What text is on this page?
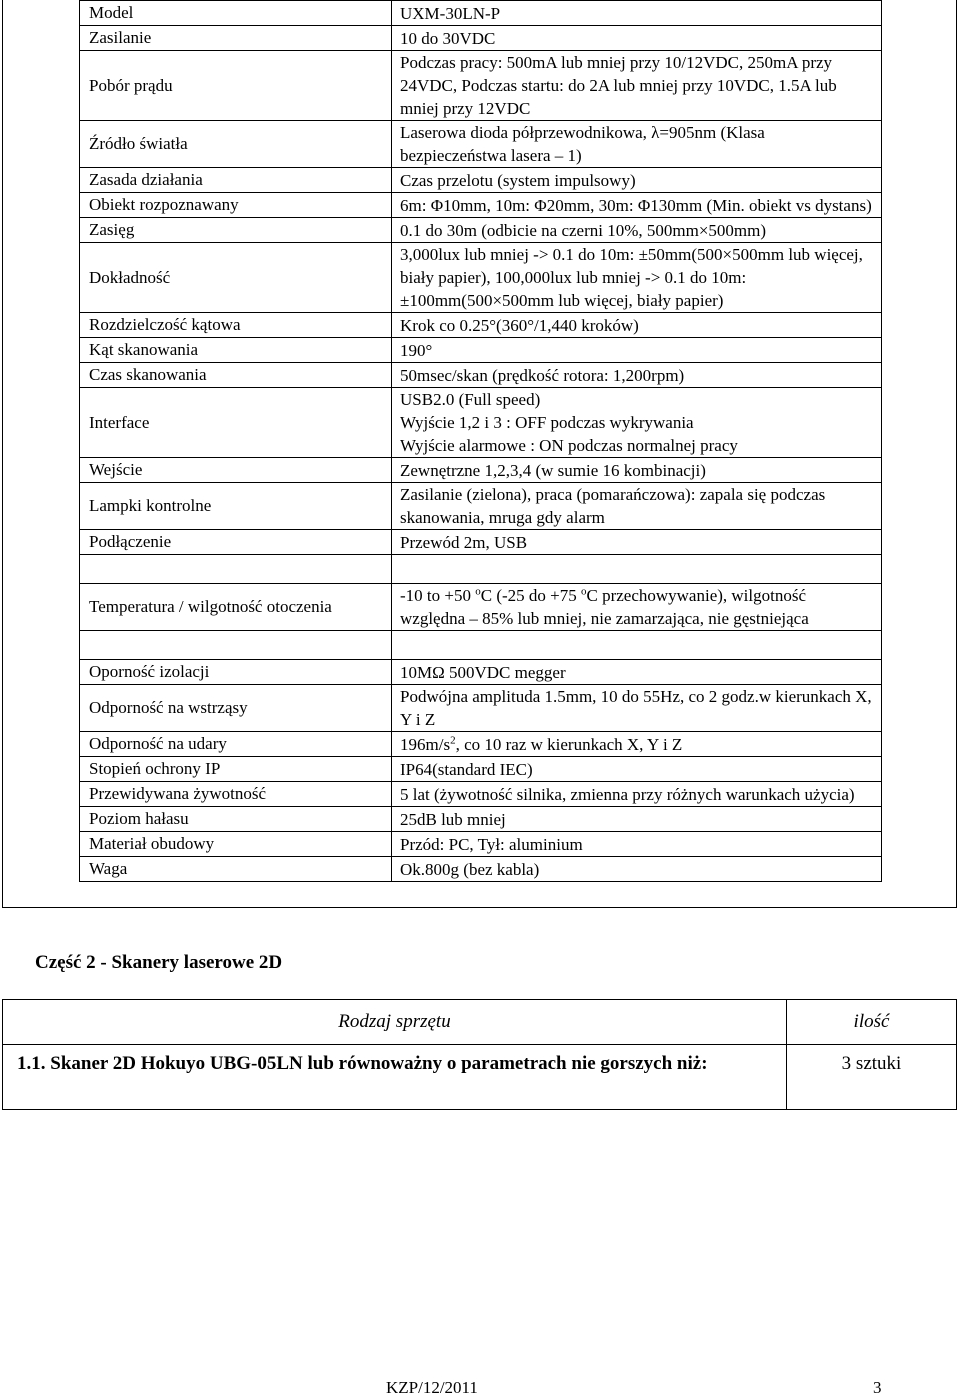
Model	UXM-30LN-P
Zasilanie	10 do 30VDC
Pobór prądu	Podczas pracy: 500mA lub mniej przy 10/12VDC, 250mA przy 24VDC, Podczas startu: do 2A lub mniej przy 10VDC, 1.5A lub mniej przy 12VDC
Źródło światła	Laserowa dioda półprzewodnikowa, λ=905nm (Klasa bezpieczeństwa lasera – 1)
Zasada działania	Czas przelotu (system impulsowy)
Obiekt rozpoznawany	6m: Φ10mm, 10m: Φ20mm, 30m: Φ130mm (Min. obiekt vs dystans)
Zasięg	0.1 do 30m (odbicie na czerni 10%, 500mm×500mm)
Dokładność	3,000lux lub mniej -> 0.1 do 10m: ±50mm(500×500mm lub więcej, biały papier), 100,000lux lub mniej -> 0.1 do 10m: ±100mm(500×500mm lub więcej, biały papier)
Rozdzielczość kątowa	Krok co 0.25°(360°/1,440 kroków)
Kąt skanowania	190°
Czas skanowania	50msec/skan (prędkość rotora: 1,200rpm)
Interface	USB2.0 (Full speed)
Wyjście 1,2 i 3 : OFF podczas wykrywania
Wyjście alarmowe : ON podczas normalnej pracy

Wejście	Zewnętrzne 1,2,3,4 (w sumie 16 kombinacji)
Lampki kontrolne	Zasilanie (zielona), praca (pomarańczowa): zapala się podczas skanowania, mruga gdy alarm
Podłączenie	Przewód 2m, USB

Temperatura / wilgotność otoczenia	-10 to +50 $^o$C (-25 do +75 $^o$C przechowywanie), wilgotność względna – 85% lub mniej, nie zamarzająca, nie gęstniejąca

Oporność izolacji	10MΩ 500VDC megger
Odporność na wstrząsy	Podwójna amplituda 1.5mm, 10 do 55Hz, co 2 godz.w kierunkach X, Y i Z
Odporność na udary	$196m/s^2$, co 10 raz w kierunkach X, Y i Z
Stopień ochrony IP	IP64(standard IEC)
Przewidywana żywotność	5 lat (żywotność silnika, zmienna przy różnych warunkach użycia)
Poziom hałasu	25dB lub mniej
Materiał obudowy	Przód: PC, Tył: aluminium
Waga	Ok.800g (bez kabla)
Część 2 - Skanery laserowe 2D
Rodzaj sprzętu	ilość
1.1. Skaner 2D Hokuyo UBG-05LN lub równoważny o parametrach nie gorszych niż:	3 sztuki
KZP/12/2011	3
